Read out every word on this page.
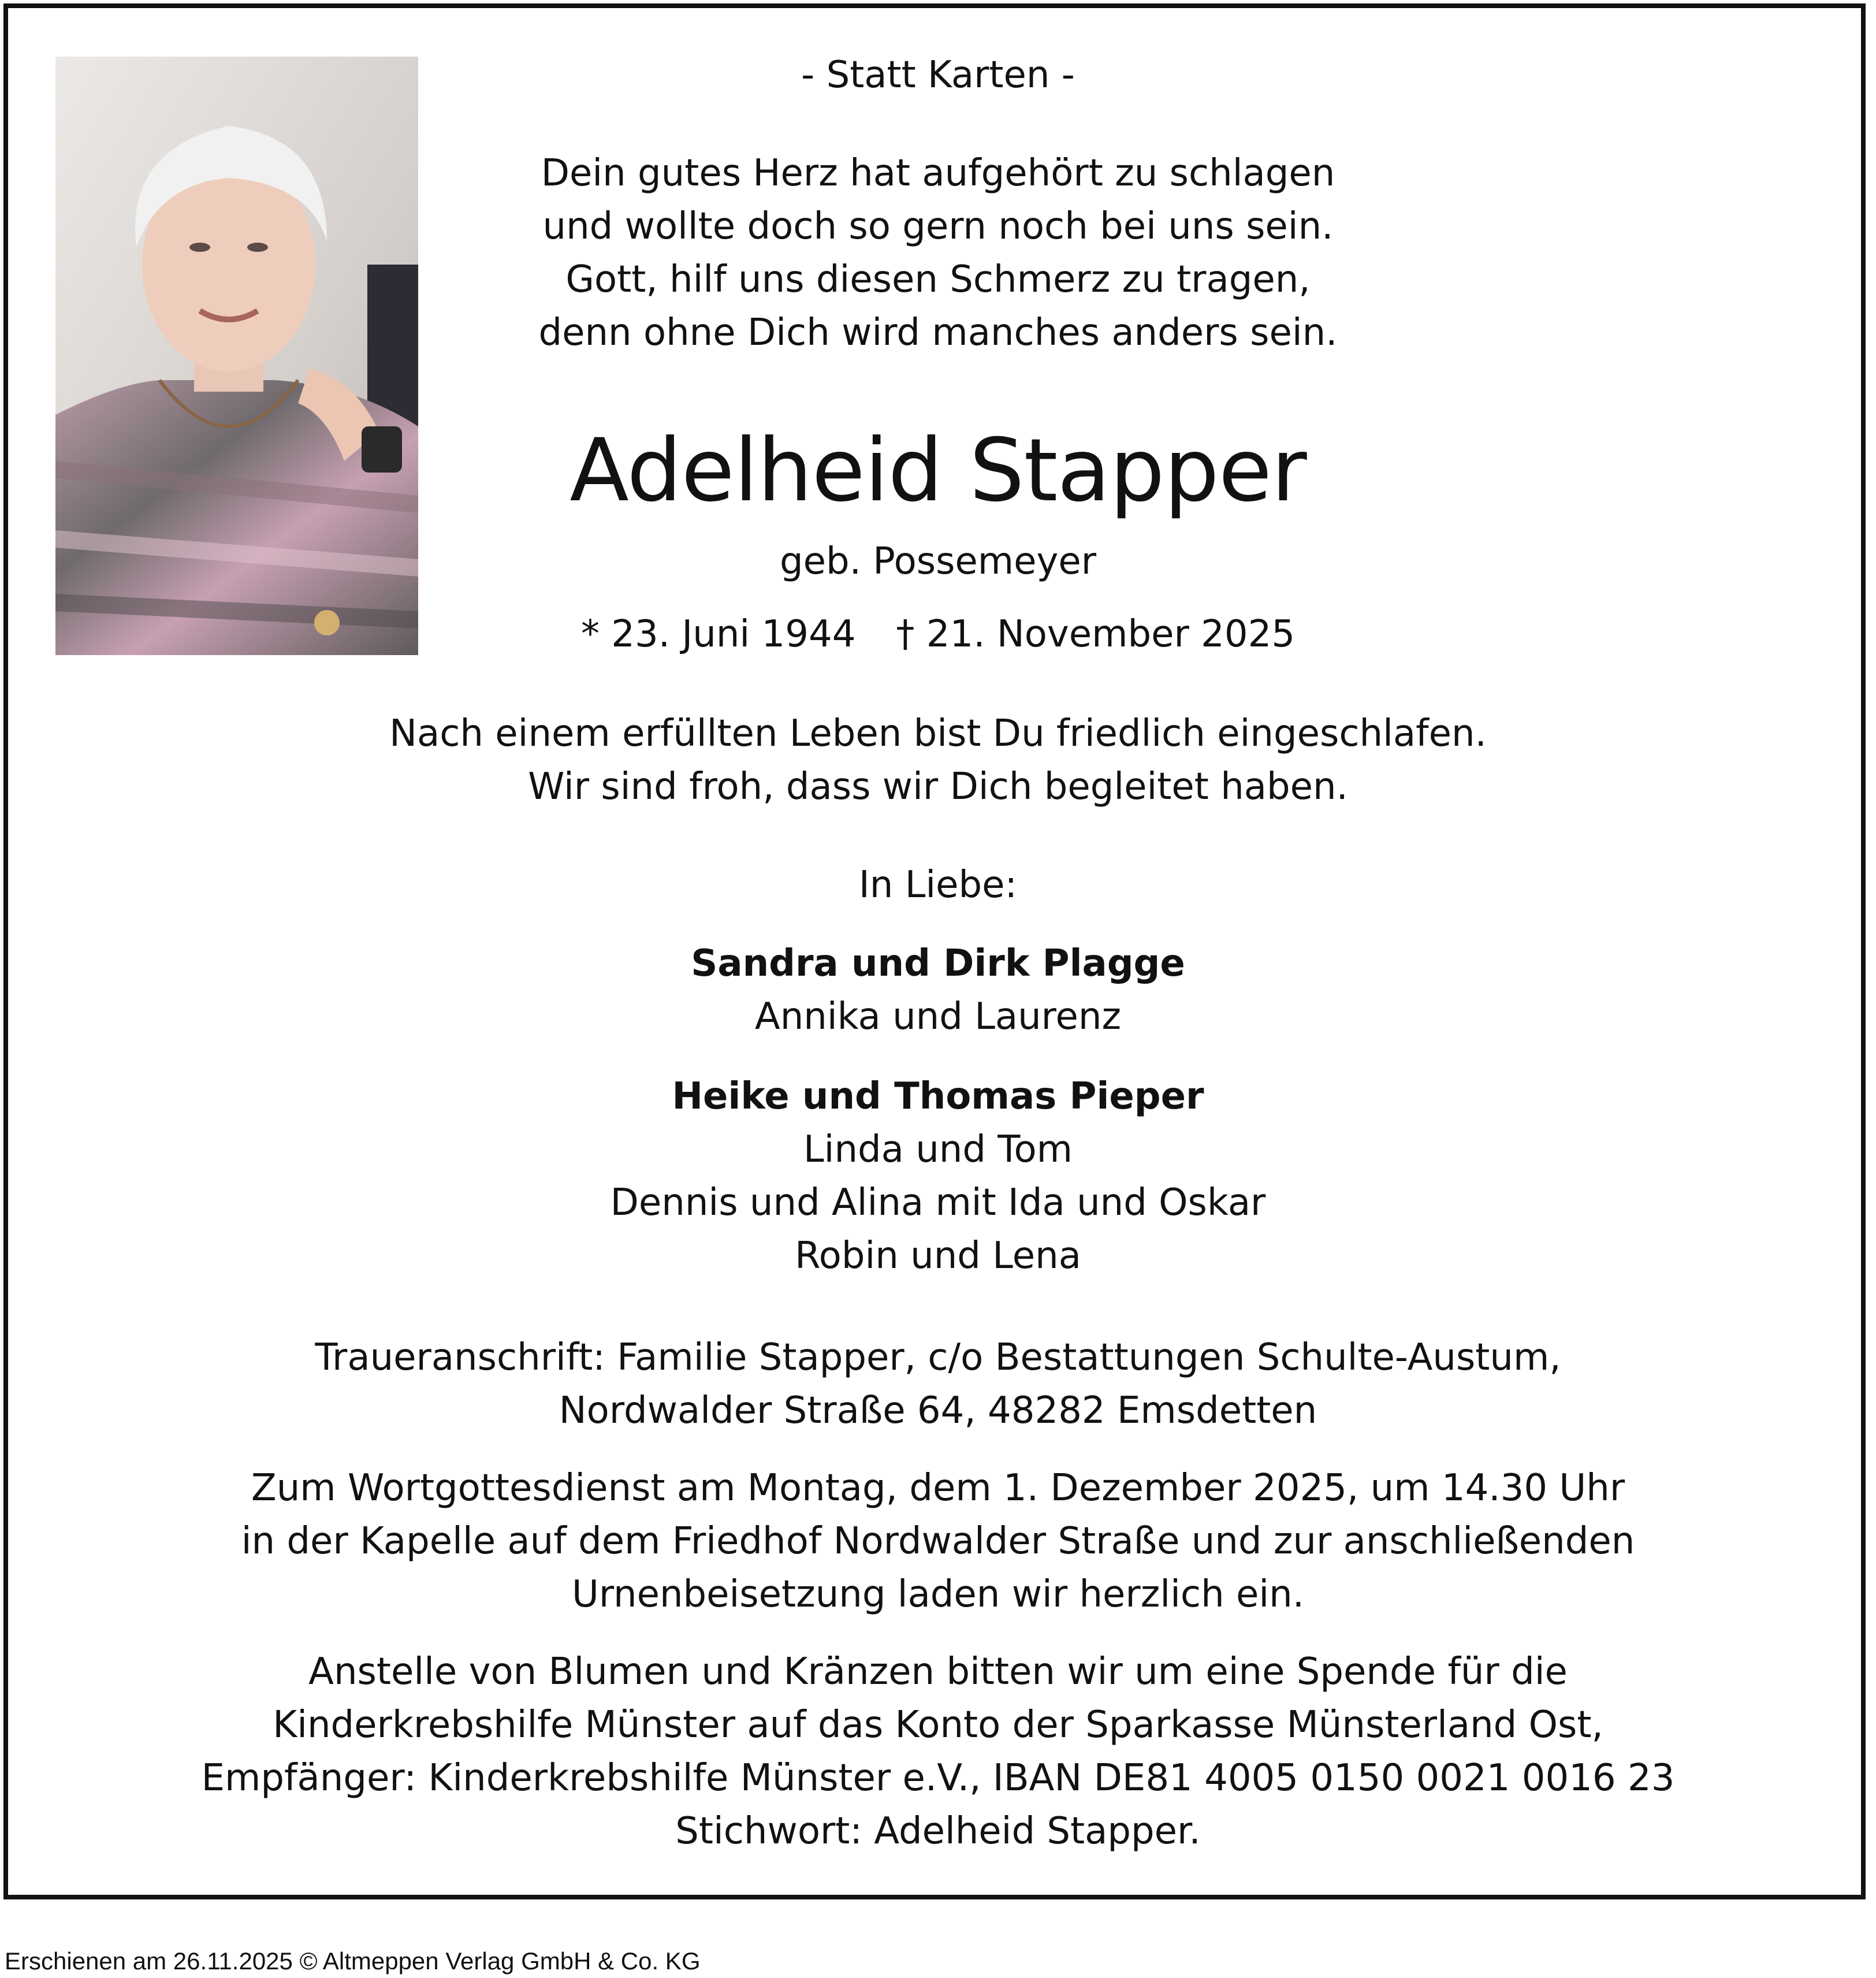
- Statt Karten -
Dein gutes Herz hat aufgehört zu schlagen
und wollte doch so gern noch bei uns sein.
Gott, hilf uns diesen Schmerz zu tragen,
denn ohne Dich wird manches anders sein.
Adelheid Stapper
geb. Possemeyer
* 23. Juni 1944 † 21. November 2025
Nach einem erfüllten Leben bist Du friedlich eingeschlafen.
Wir sind froh, dass wir Dich begleitet haben.
In Liebe:
Sandra und Dirk Plagge
Annika und Laurenz
Heike und Thomas Pieper
Linda und Tom
Dennis und Alina mit Ida und Oskar
Robin und Lena
Traueranschrift: Familie Stapper, c/o Bestattungen Schulte-Austum,
Nordwalder Straße 64, 48282 Emsdetten
Zum Wortgottesdienst am Montag, dem 1. Dezember 2025, um 14.30 Uhr
in der Kapelle auf dem Friedhof Nordwalder Straße und zur anschließenden
Urnenbeisetzung laden wir herzlich ein.
Anstelle von Blumen und Kränzen bitten wir um eine Spende für die
Kinderkrebshilfe Münster auf das Konto der Sparkasse Münsterland Ost,
Empfänger: Kinderkrebshilfe Münster e.V., IBAN DE81 4005 0150 0021 0016 23
Stichwort: Adelheid Stapper.
Erschienen am 26.11.2025 © Altmeppen Verlag GmbH & Co. KG
